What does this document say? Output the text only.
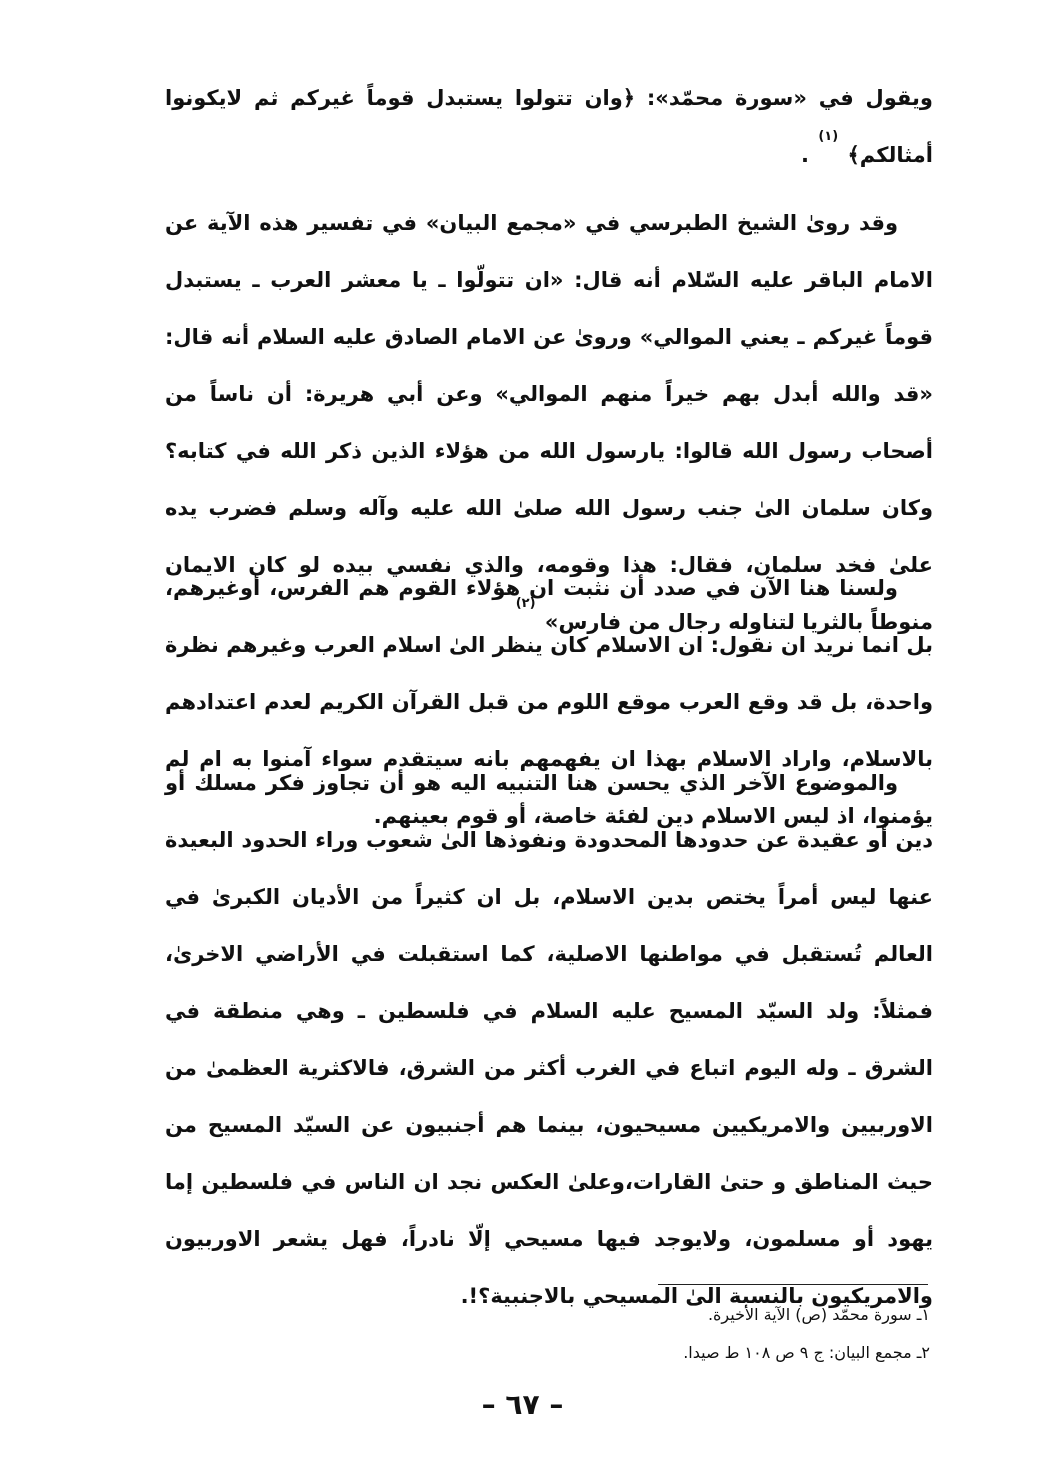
ويقول في «سورة محمّد»: ﴿وان تتولوا يستبدل قوماً غيركم ثم لايكونوا أمثالكم﴾ $^{(١)}$ .

وقد روىٰ الشيخ الطبرسي في «مجمع البيان» في تفسير هذه الآية عن الامام الباقر عليه السّلام أنه قال: «ان تتولّوا ـ يا معشر العرب ـ يستبدل قوماً غيركم ـ يعني الموالي» وروىٰ عن الامام الصادق عليه السلام أنه قال: «قد والله أبدل بهم خيراً منهم الموالي» وعن أبي هريرة: أن ناساً من أصحاب رسول الله قالوا: يارسول الله من هؤلاء الذين ذكر الله في كتابه؟ وكان سلمان الىٰ جنب رسول الله صلىٰ الله عليه وآله وسلم فضرب يده علىٰ فخد سلمان، فقال: هذا وقومه، والذي نفسي بيده لو كان الايمان منوطاً بالثريا لتناوله رجال من فارس» $^{(٢)}$

ولسنا هنا الآن في صدد أن نثبت ان هؤلاء القوم هم الفرس، أوغيرهم، بل انما نريد ان نقول: ان الاسلام كان ينظر الىٰ اسلام العرب وغيرهم نظرة واحدة، بل قد وقع العرب موقع اللوم من قبل القرآن الكريم لعدم اعتدادهم بالاسلام، واراد الاسلام بهذا ان يفهمهم بانه سيتقدم سواء آمنوا به ام لم يؤمنوا، اذ ليس الاسلام دين لفئة خاصة، أو قوم بعينهم.

والموضوع الآخر الذي يحسن هنا التنبيه اليه هو أن تجاوز فكر مسلك أو دين أو عقيدة عن حدودها المحدودة ونفوذها الىٰ شعوب وراء الحدود البعيدة عنها ليس أمراً يختص بدين الاسلام، بل ان كثيراً من الأديان الكبرىٰ في العالم تُستقبل في مواطنها الاصلية، كما استقبلت في الأراضي الاخرىٰ، فمثلاً: ولد السيّد المسيح عليه السلام في فلسطين ـ وهي منطقة في الشرق ـ وله اليوم اتباع في الغرب أكثر من الشرق، فالاكثرية العظمىٰ من الاوربيين والامريكيين مسيحيون، بينما هم أجنبيون عن السيّد المسيح من حيث المناطق و حتىٰ القارات،وعلىٰ العكس نجد ان الناس في فلسطين إما يهود أو مسلمون، ولايوجد فيها مسيحي إلّا نادراً، فهل يشعر الاوربيون والامريكيون بالنسبة الىٰ المسيحي بالاجنبية؟!.

١ـ سورة محمّد (ص) الآية الأخيرة.
٢ـ مجمع البيان: ج ٩ ص ١٠٨ ط صيدا.
– ٦٧ –
